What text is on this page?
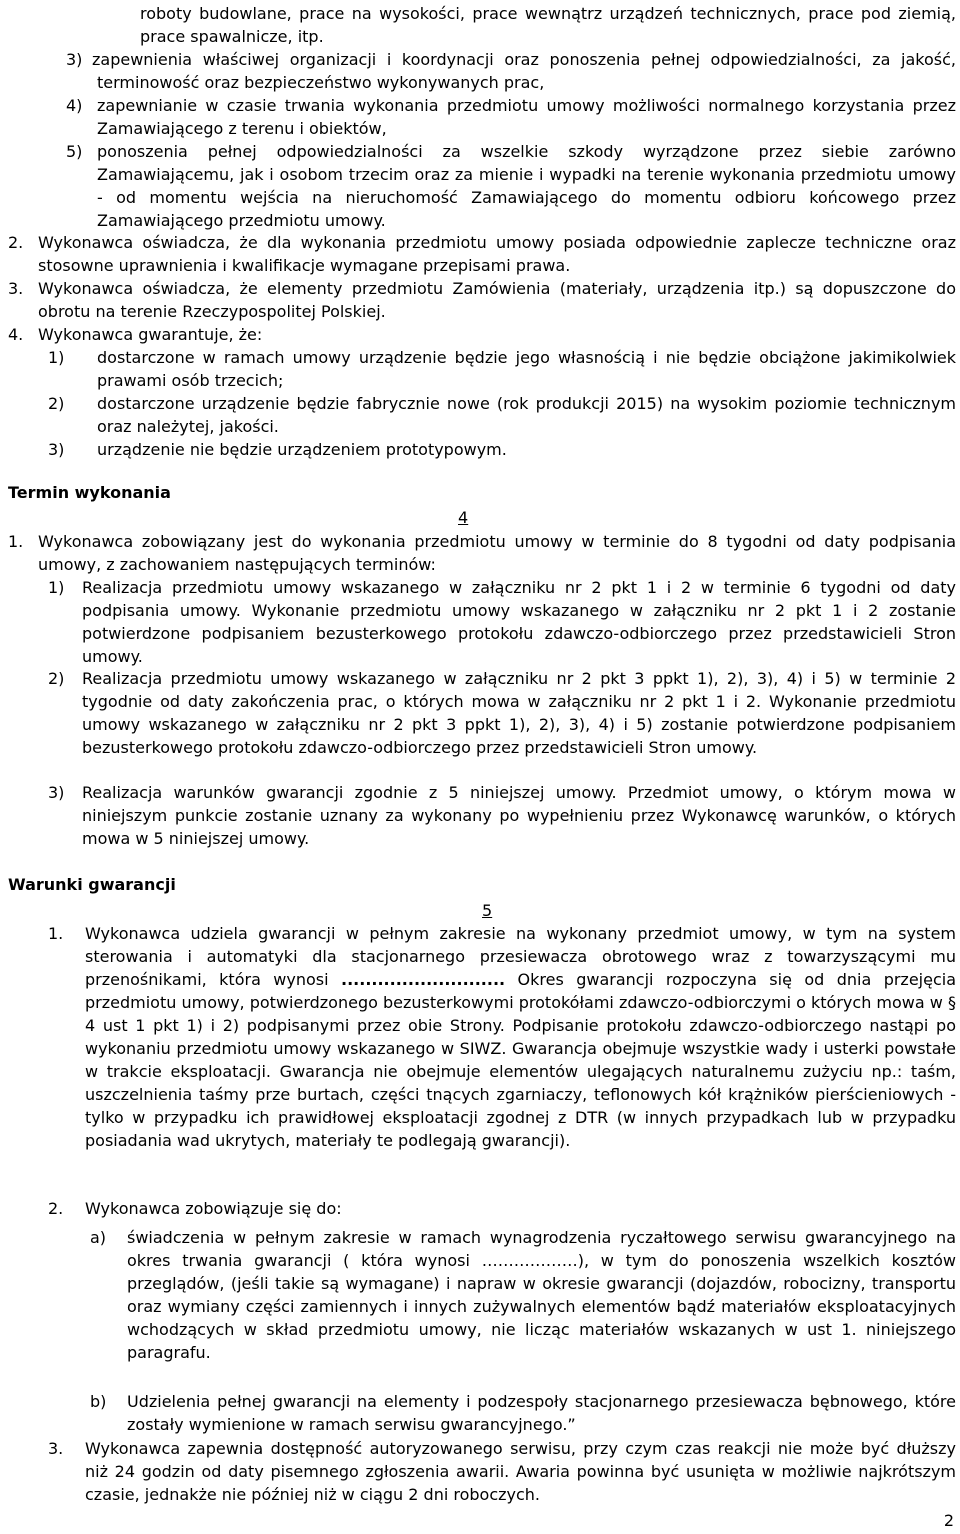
roboty budowlane, prace na wysokości, prace wewnątrz urządzeń technicznych, prace pod ziemią, prace spawalnicze, itp.

3) zapewnienia właściwej organizacji i koordynacji oraz ponoszenia pełnej odpowiedzialności, za jakość, terminowość oraz bezpieczeństwo wykonywanych prac,

4) zapewnianie w czasie trwania wykonania przedmiotu umowy możliwości normalnego korzystania przez Zamawiającego z terenu i obiektów,

5) ponoszenia pełnej odpowiedzialności za wszelkie szkody wyrządzone przez siebie zarówno Zamawiającemu, jak i osobom trzecim oraz za mienie i wypadki na terenie wykonania przedmiotu umowy - od momentu wejścia na nieruchomość Zamawiającego do momentu odbioru końcowego przez Zamawiającego przedmiotu umowy.

2. Wykonawca oświadcza, że dla wykonania przedmiotu umowy posiada odpowiednie zaplecze techniczne oraz stosowne uprawnienia i kwalifikacje wymagane przepisami prawa.

3. Wykonawca oświadcza, że elementy przedmiotu Zamówienia (materiały, urządzenia itp.) są dopuszczone do obrotu na terenie Rzeczypospolitej Polskiej.

4. Wykonawca gwarantuje, że:

1) dostarczone w ramach umowy urządzenie będzie jego własnością i nie będzie obciążone jakimikolwiek prawami osób trzecich;

2) dostarczone urządzenie będzie fabrycznie nowe (rok produkcji 2015) na wysokim poziomie technicznym oraz należytej, jakości.

3) urządzenie nie będzie urządzeniem prototypowym.

Termin wykonania
4
1. Wykonawca zobowiązany jest do wykonania przedmiotu umowy w terminie do 8 tygodni od daty podpisania umowy, z zachowaniem następujących terminów:

1) Realizacja przedmiotu umowy wskazanego w załączniku nr 2 pkt 1 i 2 w terminie 6 tygodni od daty podpisania umowy. Wykonanie przedmiotu umowy wskazanego w załączniku nr 2 pkt 1 i 2 zostanie potwierdzone podpisaniem bezusterkowego protokołu zdawczo-odbiorczego przez przedstawicieli Stron umowy.

2) Realizacja przedmiotu umowy wskazanego w załączniku nr 2 pkt 3 ppkt 1), 2), 3), 4) i 5) w terminie 2 tygodnie od daty zakończenia prac, o których mowa w załączniku nr 2 pkt 1 i 2. Wykonanie przedmiotu umowy wskazanego w załączniku nr 2 pkt 3 ppkt 1), 2), 3), 4) i 5) zostanie potwierdzone podpisaniem bezusterkowego protokołu zdawczo-odbiorczego przez przedstawicieli Stron umowy.

3) Realizacja warunków gwarancji zgodnie z 5 niniejszej umowy. Przedmiot umowy, o którym mowa w niniejszym punkcie zostanie uznany za wykonany po wypełnieniu przez Wykonawcę warunków, o których mowa w 5 niniejszej umowy.

Warunki gwarancji
5
1. Wykonawca udziela gwarancji w pełnym zakresie na wykonany przedmiot umowy, w tym na system sterowania i automatyki dla stacjonarnego przesiewacza obrotowego wraz z towarzyszącymi mu przenośnikami, która wynosi ........................... Okres gwarancji rozpoczyna się od dnia przejęcia przedmiotu umowy, potwierdzonego bezusterkowymi protokółami zdawczo-odbiorczymi o których mowa w § 4 ust 1 pkt 1) i 2) podpisanymi przez obie Strony. Podpisanie protokołu zdawczo-odbiorczego nastąpi po wykonaniu przedmiotu umowy wskazanego w SIWZ. Gwarancja obejmuje wszystkie wady i usterki powstałe w trakcie eksploatacji. Gwarancja nie obejmuje elementów ulegających naturalnemu zużyciu np.: taśm, uszczelnienia taśmy prze burtach, części tnących zgarniaczy, teflonowych kół krążników pierścieniowych - tylko w przypadku ich prawidłowej eksploatacji zgodnej z DTR (w innych przypadkach lub w przypadku posiadania wad ukrytych, materiały te podlegają gwarancji).

2. Wykonawca zobowiązuje się do:

a) świadczenia w pełnym zakresie w ramach wynagrodzenia ryczałtowego serwisu gwarancyjnego na okres trwania gwarancji ( która wynosi ………………), w tym do ponoszenia wszelkich kosztów przeglądów, (jeśli takie są wymagane) i napraw w okresie gwarancji (dojazdów, robocizny, transportu oraz wymiany części zamiennych i innych zużywalnych elementów bądź materiałów eksploatacyjnych wchodzących w skład przedmiotu umowy, nie licząc materiałów wskazanych w ust 1. niniejszego paragrafu.

b) Udzielenia pełnej gwarancji na elementy i podzespoły stacjonarnego przesiewacza bębnowego, które zostały wymienione w ramach serwisu gwarancyjnego.”

3. Wykonawca zapewnia dostępność autoryzowanego serwisu, przy czym czas reakcji nie może być dłuższy niż 24 godzin od daty pisemnego zgłoszenia awarii. Awaria powinna być usunięta w możliwie najkrótszym czasie, jednakże nie później niż w ciągu 2 dni roboczych.

2
